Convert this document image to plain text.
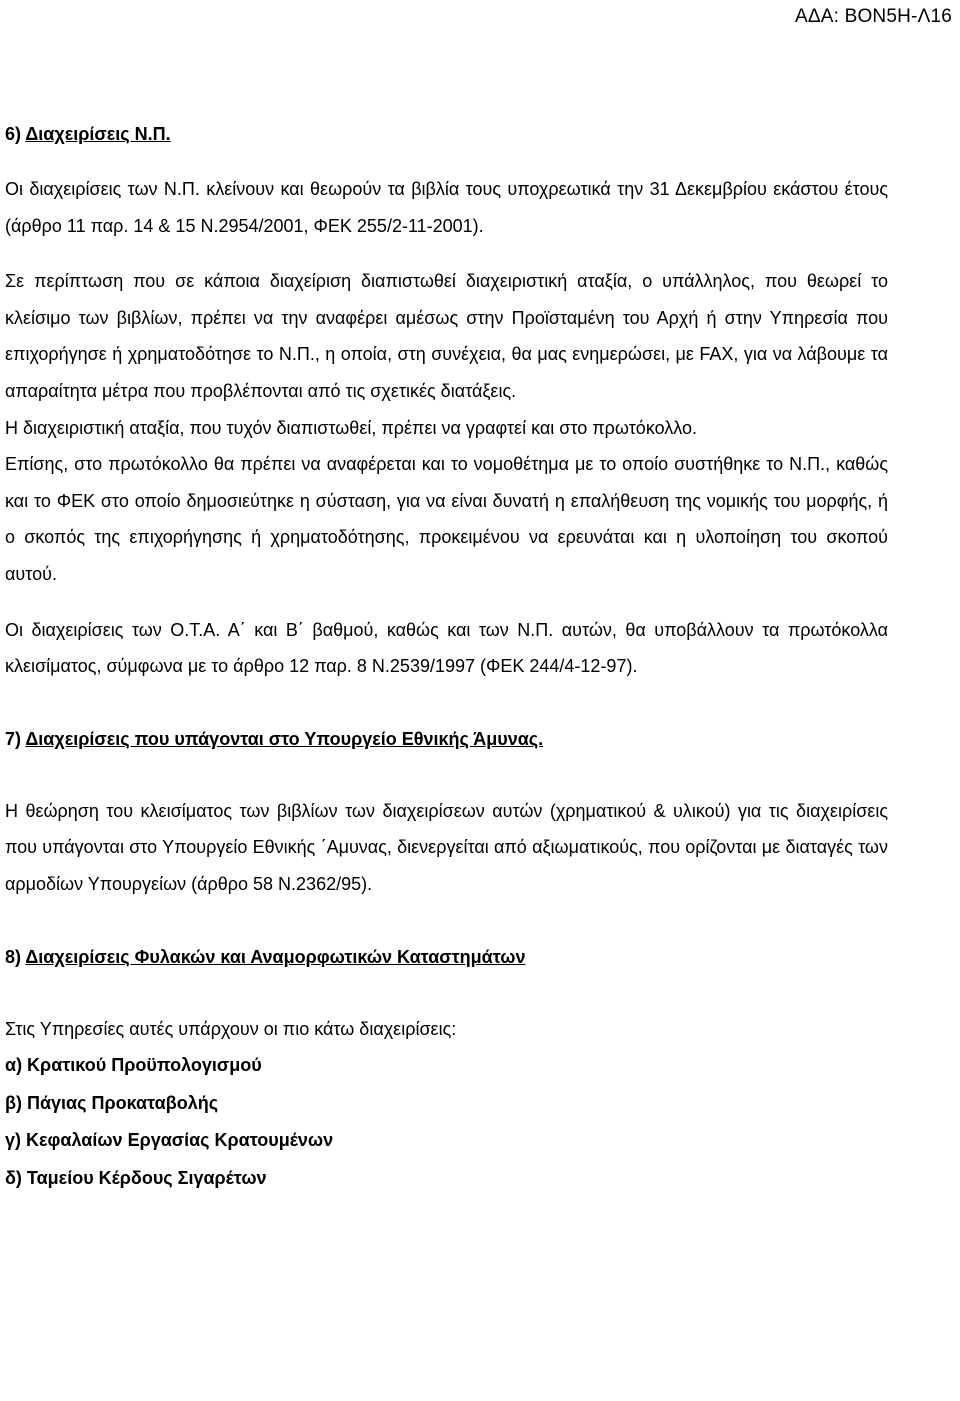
ΑΔΑ: ΒΟΝ5Η-Λ16
6) Διαχειρίσεις Ν.Π.

Οι διαχειρίσεις των Ν.Π. κλείνουν και θεωρούν τα βιβλία τους υποχρεωτικά την 31 Δεκεμβρίου εκάστου έτους (άρθρο 11 παρ. 14 & 15 Ν.2954/2001, ΦΕΚ 255/2-11-2001).

Σε περίπτωση που σε κάποια διαχείριση διαπιστωθεί διαχειριστική αταξία, ο υπάλληλος, που θεωρεί το κλείσιμο των βιβλίων, πρέπει να την αναφέρει αμέσως στην Προϊσταμένη του Αρχή ή στην Υπηρεσία που επιχορήγησε ή χρηματοδότησε το Ν.Π., η οποία, στη συνέχεια, θα μας ενημερώσει, με FAX, για να λάβουμε τα απαραίτητα μέτρα που προβλέπονται από τις σχετικές διατάξεις.

Η διαχειριστική αταξία, που τυχόν διαπιστωθεί, πρέπει να γραφτεί και στο πρωτόκολλο.

Επίσης, στο πρωτόκολλο θα πρέπει να αναφέρεται και το νομοθέτημα με το οποίο συστήθηκε το Ν.Π., καθώς και το ΦΕΚ στο οποίο δημοσιεύτηκε η σύσταση, για να είναι δυνατή η επαλήθευση της νομικής του μορφής, ή ο σκοπός της επιχορήγησης ή χρηματοδότησης, προκειμένου να ερευνάται και η υλοποίηση του σκοπού αυτού.

Οι διαχειρίσεις των Ο.Τ.Α. Α΄ και Β΄ βαθμού, καθώς και των Ν.Π. αυτών, θα υποβάλλουν τα πρωτόκολλα κλεισίματος, σύμφωνα με το άρθρο 12 παρ. 8 Ν.2539/1997 (ΦΕΚ 244/4-12-97).

7) Διαχειρίσεις που υπάγονται στο Υπουργείο Εθνικής Άμυνας.

Η θεώρηση του κλεισίματος των βιβλίων των διαχειρίσεων αυτών (χρηματικού & υλικού) για τις διαχειρίσεις που υπάγονται στο Υπουργείο Εθνικής ΄Αμυνας, διενεργείται από αξιωματικούς, που ορίζονται με διαταγές των αρμοδίων Υπουργείων (άρθρο 58 Ν.2362/95).

8) Διαχειρίσεις Φυλακών και Αναμορφωτικών Καταστημάτων

Στις Υπηρεσίες αυτές υπάρχουν οι πιο κάτω διαχειρίσεις:

α) Κρατικού Προϋπολογισμού
β) Πάγιας Προκαταβολής
γ) Κεφαλαίων Εργασίας Κρατουμένων
δ) Ταμείου Κέρδους Σιγαρέτων
